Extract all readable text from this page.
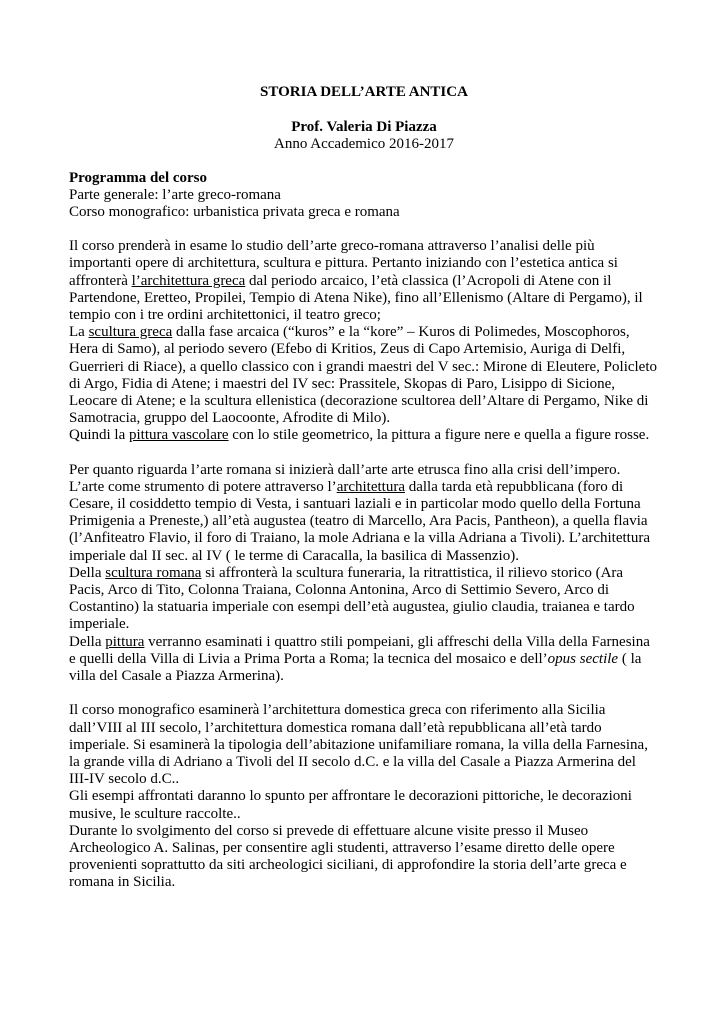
STORIA DELL’ARTE ANTICA

Prof. Valeria Di Piazza

Anno Accademico 2016-2017

Programma del corso

Parte generale: l’arte greco-romana

Corso monografico: urbanistica privata greca e romana

Il corso prenderà in esame lo studio dell’arte greco-romana attraverso l’analisi delle più importanti opere di architettura, scultura e pittura. Pertanto iniziando con l’estetica antica si affronterà l’architettura greca dal periodo arcaico, l’età classica (l’Acropoli di Atene con il Partendone, Eretteo, Propilei, Tempio di Atena Nike), fino all’Ellenismo (Altare di Pergamo), il tempio con i tre ordini architettonici, il teatro greco;

La scultura greca dalla fase arcaica (“kuros” e la “kore” – Kuros di Polimedes, Moscophoros, Hera di Samo), al periodo severo (Efebo di Kritios, Zeus di Capo Artemisio, Auriga di Delfi, Guerrieri di Riace), a quello classico con i grandi maestri del V sec.: Mirone di Eleutere, Policleto di Argo, Fidia di Atene; i maestri del IV sec: Prassitele, Skopas di Paro, Lisippo di Sicione, Leocare di Atene; e la scultura ellenistica (decorazione scultorea dell’Altare di Pergamo, Nike di Samotracia, gruppo del Laocoonte, Afrodite di Milo).

Quindi la pittura vascolare con lo stile geometrico, la pittura a figure nere e quella a figure rosse.

Per quanto riguarda l’arte romana si inizierà dall’arte arte etrusca fino alla crisi dell’impero.

L’arte come strumento di potere attraverso l’architettura dalla tarda età repubblicana (foro di Cesare, il cosiddetto tempio di Vesta, i santuari laziali e in particolar modo quello della Fortuna Primigenia a Preneste,) all’età augustea (teatro di Marcello, Ara Pacis, Pantheon), a quella flavia (l’Anfiteatro Flavio, il foro di Traiano, la mole Adriana e la villa Adriana a Tivoli). L’architettura imperiale dal II sec. al IV ( le terme di Caracalla, la basilica di Massenzio).

Della scultura romana si affronterà la scultura funeraria, la ritrattistica, il rilievo storico (Ara Pacis, Arco di Tito, Colonna Traiana, Colonna Antonina, Arco di Settimio Severo, Arco di Costantino) la statuaria imperiale con esempi dell’età augustea, giulio claudia, traianea e tardo imperiale.

Della pittura verranno esaminati i quattro stili pompeiani, gli affreschi della Villa della Farnesina e quelli della Villa di Livia a Prima Porta a Roma; la tecnica del mosaico e dell’opus sectile ( la villa del Casale a Piazza Armerina).

Il corso monografico esaminerà l’architettura domestica greca con riferimento alla Sicilia dall’VIII al III secolo, l’architettura domestica romana dall’età repubblicana all’età tardo imperiale. Si esaminerà la tipologia dell’abitazione unifamiliare romana, la villa della Farnesina, la grande villa di Adriano a Tivoli del II secolo d.C. e la villa del Casale a Piazza Armerina del III-IV secolo d.C..

Gli esempi affrontati daranno lo spunto per affrontare le decorazioni pittoriche, le decorazioni musive, le sculture raccolte..

Durante lo svolgimento del corso si prevede di effettuare alcune visite presso il Museo Archeologico A. Salinas, per consentire agli studenti, attraverso l’esame diretto delle opere provenienti soprattutto da siti archeologici siciliani, di approfondire la storia dell’arte greca e romana in Sicilia.
